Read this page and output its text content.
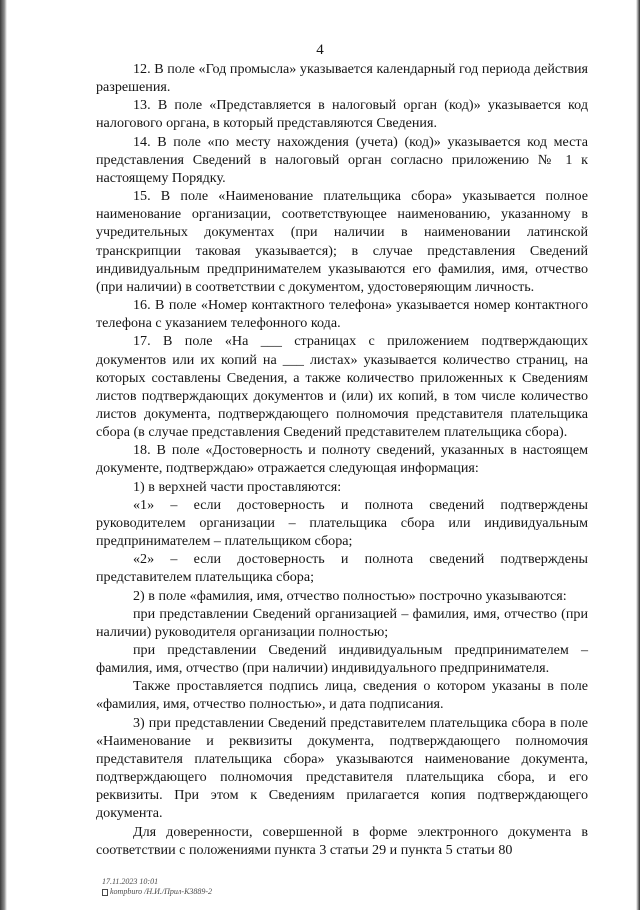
4

12. В поле «Год промысла» указывается календарный год периода действия разрешения.

13. В поле «Представляется в налоговый орган (код)» указывается код налогового органа, в который представляются Сведения.

14. В поле «по месту нахождения (учета) (код)» указывается код места представления Сведений в налоговый орган согласно приложению № 1 к настоящему Порядку.

15. В поле «Наименование плательщика сбора» указывается полное наименование организации, соответствующее наименованию, указанному в учредительных документах (при наличии в наименовании латинской транскрипции таковая указывается); в случае представления Сведений индивидуальным предпринимателем указываются его фамилия, имя, отчество (при наличии) в соответствии с документом, удостоверяющим личность.

16. В поле «Номер контактного телефона» указывается номер контактного телефона с указанием телефонного кода.

17. В поле «На ___ страницах с приложением подтверждающих документов или их копий на ___ листах» указывается количество страниц, на которых составлены Сведения, а также количество приложенных к Сведениям листов подтверждающих документов и (или) их копий, в том числе количество листов документа, подтверждающего полномочия представителя плательщика сбора (в случае представления Сведений представителем плательщика сбора).

18. В поле «Достоверность и полноту сведений, указанных в настоящем документе, подтверждаю» отражается следующая информация:

1) в верхней части проставляются:

«1» – если достоверность и полнота сведений подтверждены руководителем организации – плательщика сбора или индивидуальным предпринимателем – плательщиком сбора;

«2» – если достоверность и полнота сведений подтверждены представителем плательщика сбора;

2) в поле «фамилия, имя, отчество полностью» построчно указываются:

при представлении Сведений организацией – фамилия, имя, отчество (при наличии) руководителя организации полностью;

при представлении Сведений индивидуальным предпринимателем – фамилия, имя, отчество (при наличии) индивидуального предпринимателя.

Также проставляется подпись лица, сведения о котором указаны в поле «фамилия, имя, отчество полностью», и дата подписания.

3) при представлении Сведений представителем плательщика сбора в поле «Наименование и реквизиты документа, подтверждающего полномочия представителя плательщика сбора» указываются наименование документа, подтверждающего полномочия представителя плательщика сбора, и его реквизиты. При этом к Сведениям прилагается копия подтверждающего документа.

Для доверенности, совершенной в форме электронного документа в соответствии с положениями пункта 3 статьи 29 и пункта 5 статьи 80

17.11.2023 10:01
kompburo /Н.И./Прил-К3889-2
